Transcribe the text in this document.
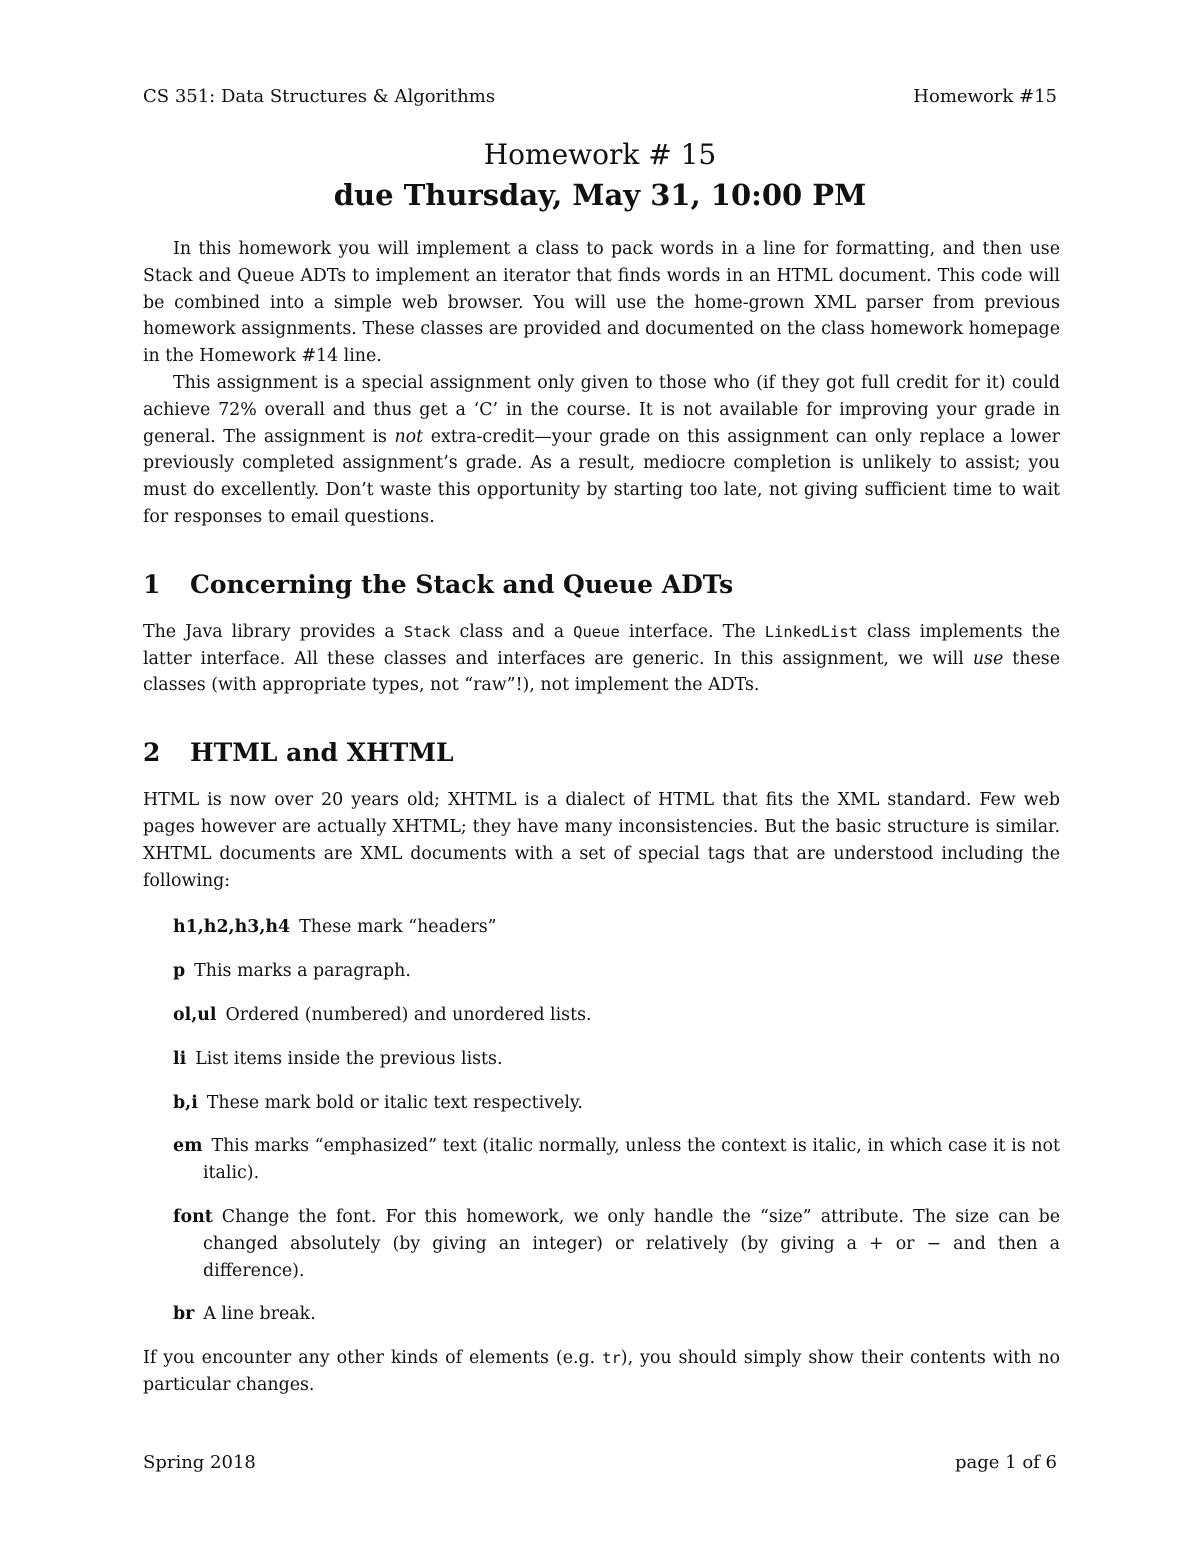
CS 351: Data Structures & Algorithms	Homework #15
Homework # 15
due Thursday, May 31, 10:00 PM

In this homework you will implement a class to pack words in a line for formatting, and then use Stack and Queue ADTs to implement an iterator that finds words in an HTML document. This code will be combined into a simple web browser. You will use the home-grown XML parser from previous homework assignments. These classes are provided and documented on the class homework homepage in the Homework #14 line.

This assignment is a special assignment only given to those who (if they got full credit for it) could achieve 72% overall and thus get a ‘C’ in the course. It is not available for improving your grade in general. The assignment is not extra-credit—your grade on this assignment can only replace a lower previously completed assignment’s grade. As a result, mediocre completion is unlikely to assist; you must do excellently. Don’t waste this opportunity by starting too late, not giving sufficient time to wait for responses to email questions.

1	Concerning the Stack and Queue ADTs

The Java library provides a Stack class and a Queue interface. The LinkedList class implements the latter interface. All these classes and interfaces are generic. In this assignment, we will use these classes (with appropriate types, not “raw”!), not implement the ADTs.

2	HTML and XHTML

HTML is now over 20 years old; XHTML is a dialect of HTML that fits the XML standard. Few web pages however are actually XHTML; they have many inconsistencies. But the basic structure is similar. XHTML documents are XML documents with a set of special tags that are understood including the following:

h1,h2,h3,h4 These mark “headers”
p This marks a paragraph.
ol,ul Ordered (numbered) and unordered lists.
li List items inside the previous lists.
b,i These mark bold or italic text respectively.
em This marks “emphasized” text (italic normally, unless the context is italic, in which case it is not italic).
font Change the font. For this homework, we only handle the “size” attribute. The size can be changed absolutely (by giving an integer) or relatively (by giving a + or − and then a difference).
br A line break.

If you encounter any other kinds of elements (e.g. tr), you should simply show their contents with no particular changes.

Spring 2018	page 1 of 6
